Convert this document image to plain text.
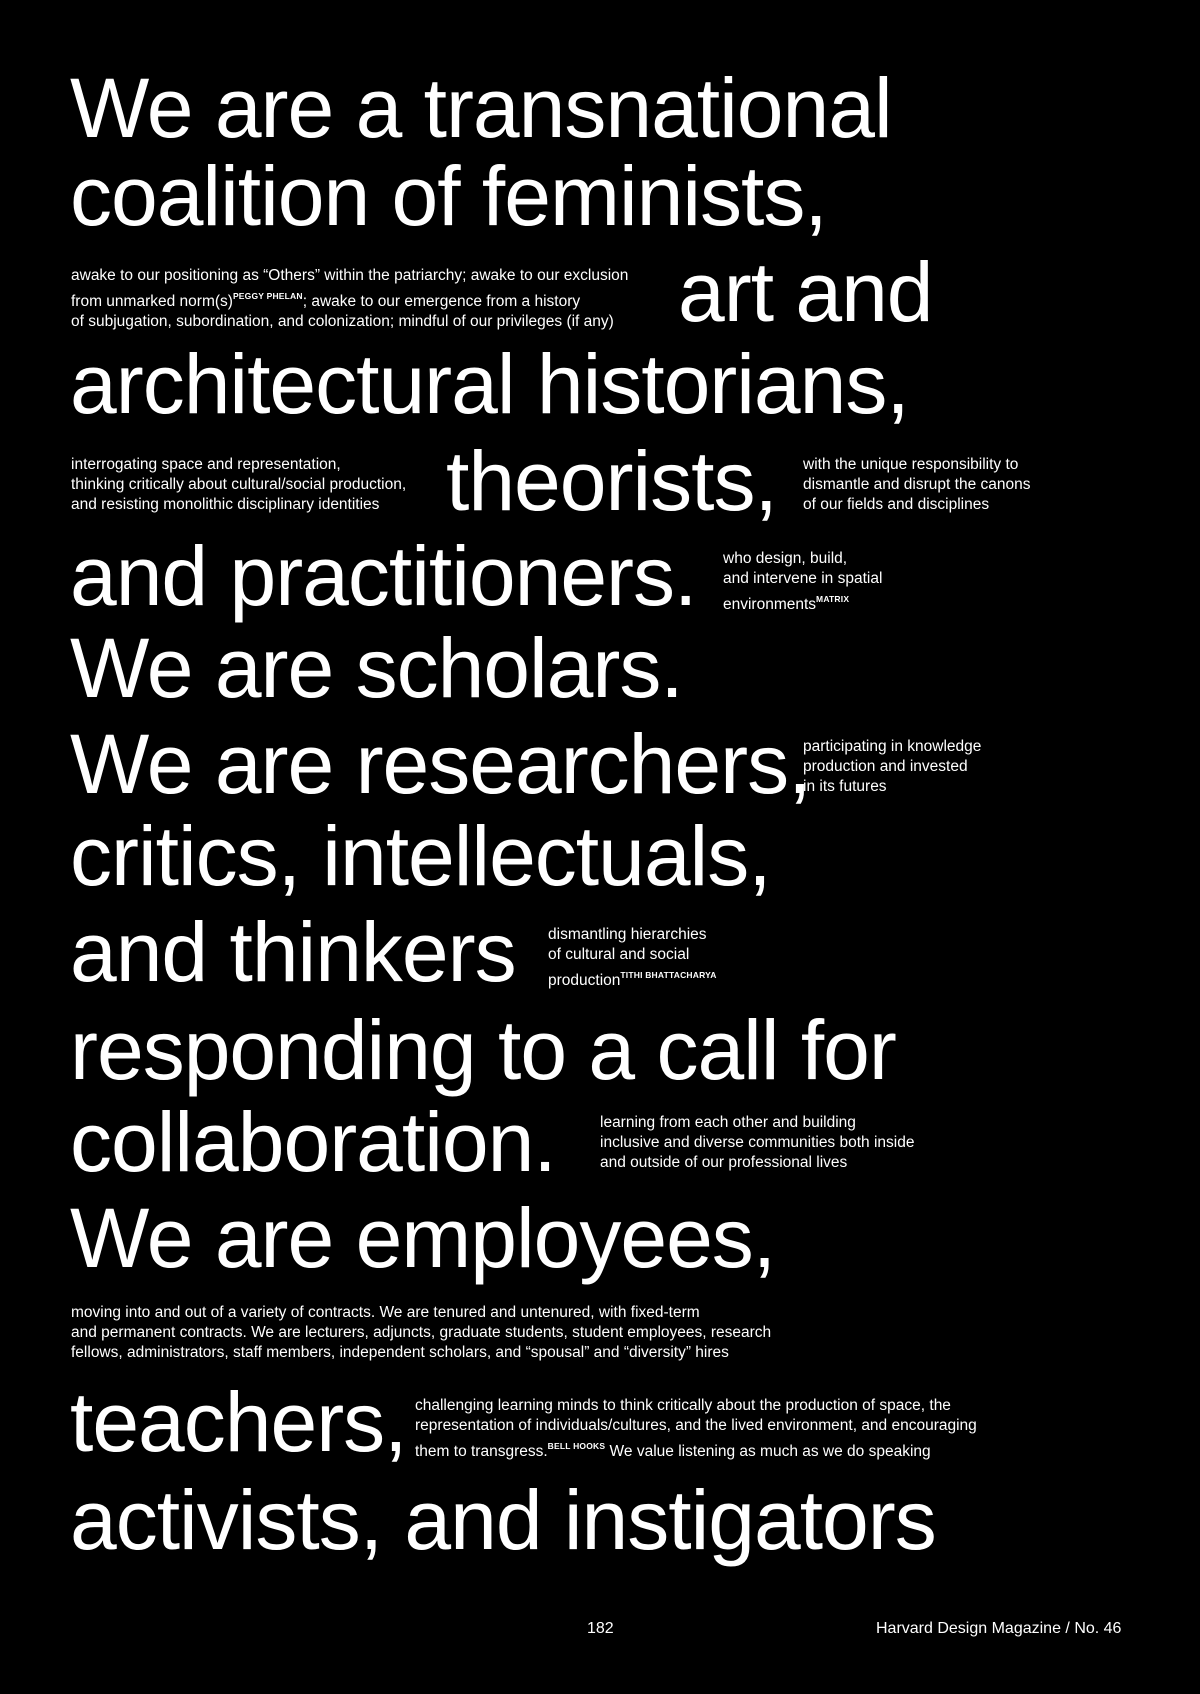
We are a transnational
coalition of feminists,
awake to our positioning as “Others” within the patriarchy; awake to our exclusion
from unmarked $norm(s)^{PEGGY PHELAN}$; awake to our emergence from a history
of subjugation, subordination, and colonization; mindful of our privileges (if any) art and
architectural historians,
interrogating space and representation,
thinking critically about cultural/social production,
and resisting monolithic disciplinary identities theorists, with the unique responsibility to
dismantle and disrupt the canons
of our fields and disciplines
and practitioners. who design, build,
and intervene in spatial
environments$^{MATRIX}$
We are scholars.
We are researchers,
participating in knowledge
production and invested
in its futures
critics, intellectuals,
and thinkers dismantling hierarchies
of cultural and social
production$^{TITHI BHATTACHARYA}$
responding to a call for
collaboration.	learning from each other and building
inclusive and diverse communities both inside
and outside of our professional lives
We are employees,
moving into and out of a variety of contracts. We are tenured and untenured, with fixed-term
and permanent contracts. We are lecturers, adjuncts, graduate students, student employees, research
fellows, administrators, staff members, independent scholars, and “spousal” and “diversity” hires
teachers, challenging learning minds to think critically about the production of space, the
representation of individuals/cultures, and the lived environment, and encouraging
them to transgress.$^{BELL HOOKS}$ We value listening as much as we do speaking
activists, and instigators
182	Harvard Design Magazine / No. 46
